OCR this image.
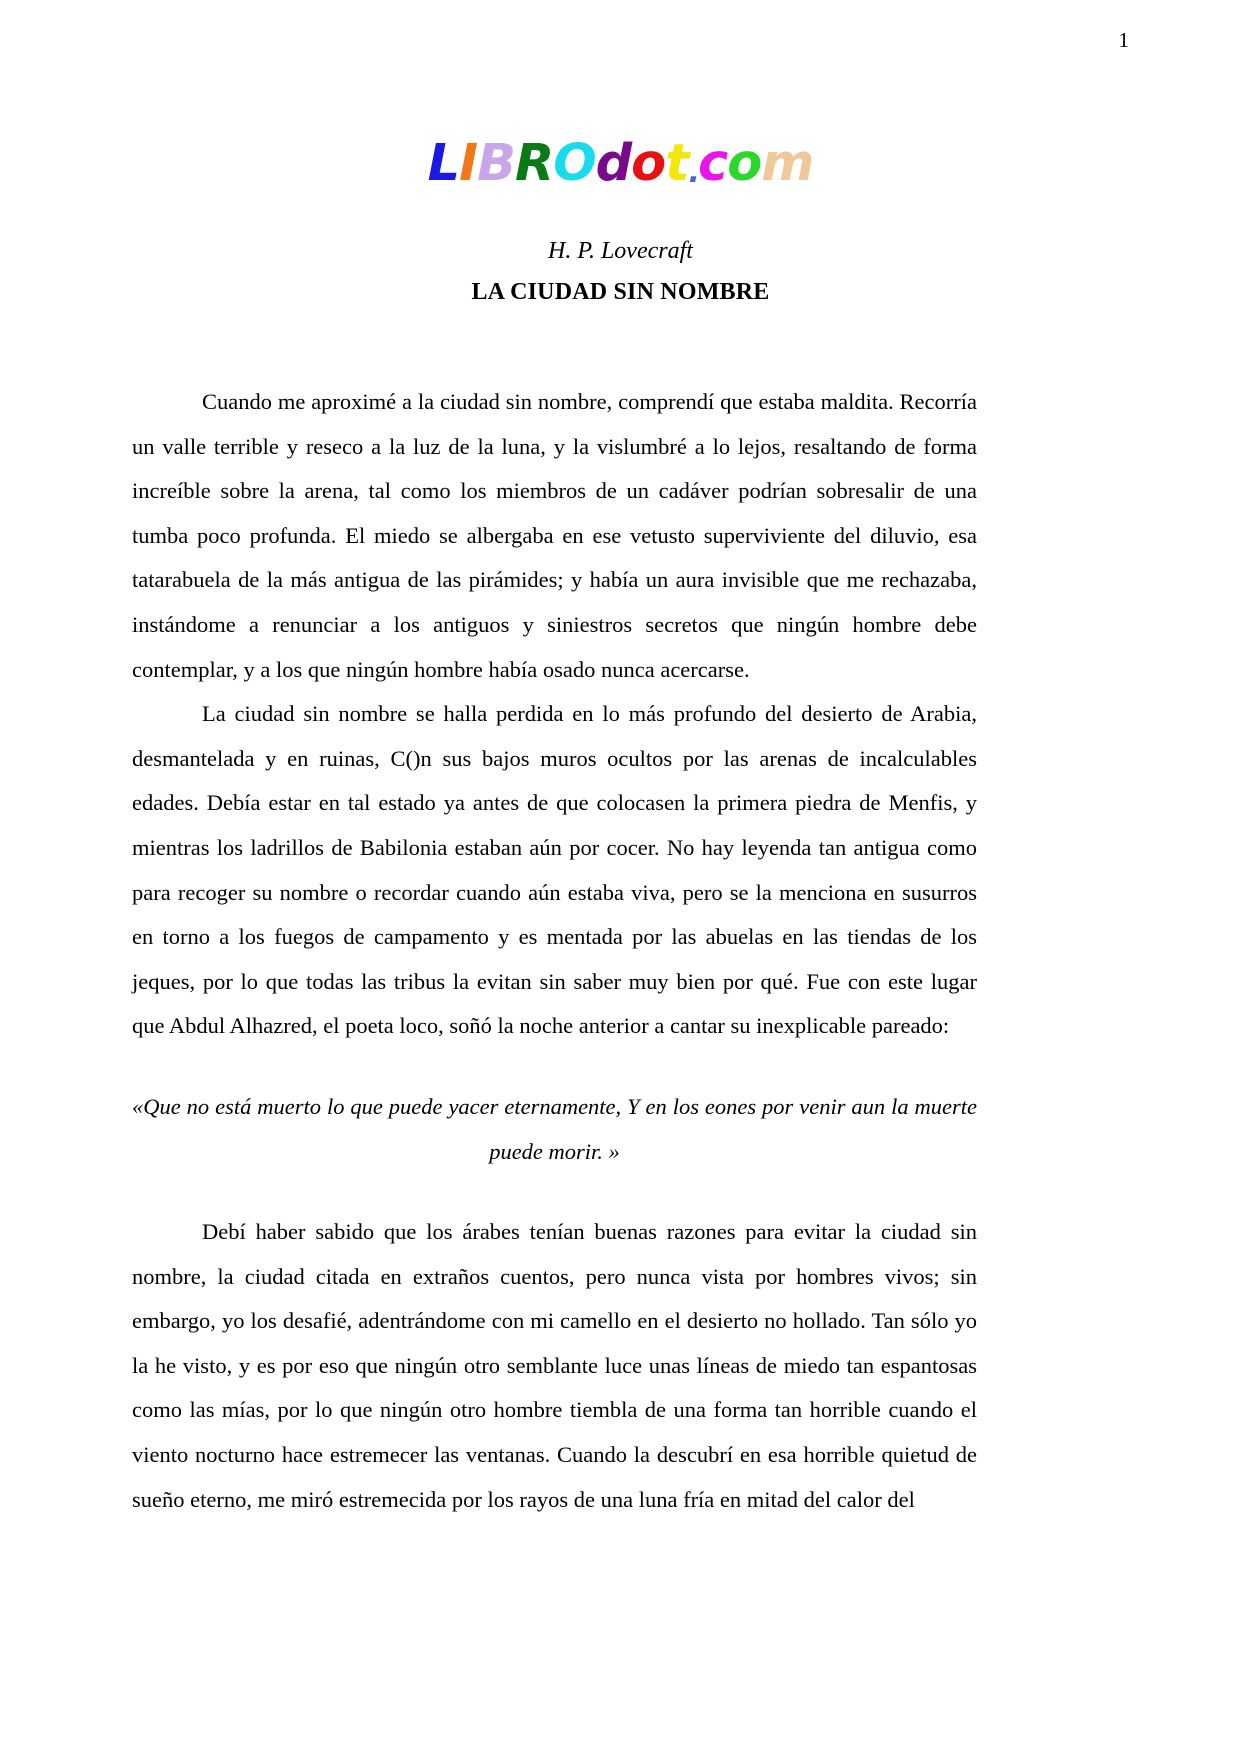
1
LIBROdot.com
H. P. Lovecraft
LA CIUDAD SIN NOMBRE

Cuando me aproximé a la ciudad sin nombre, comprendí que estaba maldita. Recorría un valle terrible y reseco a la luz de la luna, y la vislumbré a lo lejos, resaltando de forma increíble sobre la arena, tal como los miembros de un cadáver podrían sobresalir de una tumba poco profunda. El miedo se albergaba en ese vetusto superviviente del diluvio, esa tatarabuela de la más antigua de las pirámides; y había un aura invisible que me rechazaba, instándome a renunciar a los antiguos y siniestros secretos que ningún hombre debe contemplar, y a los que ningún hombre había osado nunca acercarse.

La ciudad sin nombre se halla perdida en lo más profundo del desierto de Arabia, desmantelada y en ruinas, C()n sus bajos muros ocultos por las arenas de incalculables edades. Debía estar en tal estado ya antes de que colocasen la primera piedra de Menfis, y mientras los ladrillos de Babilonia estaban aún por cocer. No hay leyenda tan antigua como para recoger su nombre o recordar cuando aún estaba viva, pero se la menciona en susurros en torno a los fuegos de campamento y es mentada por las abuelas en las tiendas de los jeques, por lo que todas las tribus la evitan sin saber muy bien por qué. Fue con este lugar que Abdul Alhazred, el poeta loco, soñó la noche anterior a cantar su inexplicable pareado:

«Que no está muerto lo que puede yacer eternamente, Y en los eones por venir aun la muerte
puede morir. »

Debí haber sabido que los árabes tenían buenas razones para evitar la ciudad sin nombre, la ciudad citada en extraños cuentos, pero nunca vista por hombres vivos; sin embargo, yo los desafié, adentrándome con mi camello en el desierto no hollado. Tan sólo yo la he visto, y es por eso que ningún otro semblante luce unas líneas de miedo tan espantosas como las mías, por lo que ningún otro hombre tiembla de una forma tan horrible cuando el viento nocturno hace estremecer las ventanas. Cuando la descubrí en esa horrible quietud de sueño eterno, me miró estremecida por los rayos de una luna fría en mitad del calor del
